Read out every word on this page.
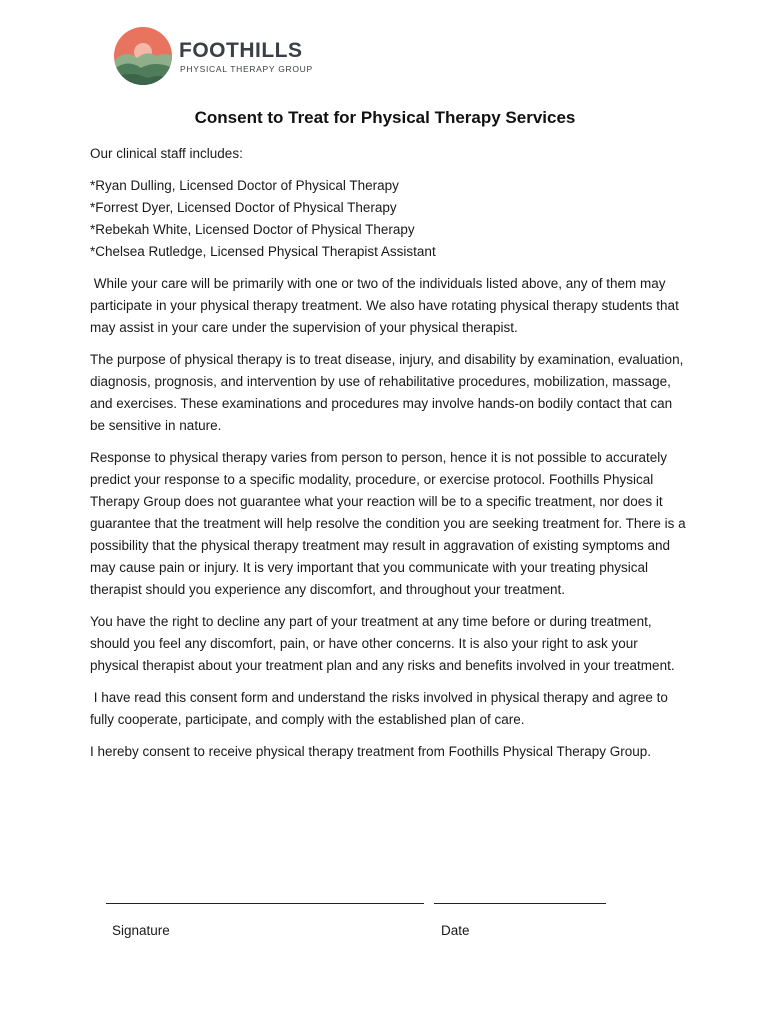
FOOTHILLS
PHYSICAL THERAPY GROUP
Consent to Treat for Physical Therapy Services

Our clinical staff includes:

*Ryan Dulling, Licensed Doctor of Physical Therapy
*Forrest Dyer, Licensed Doctor of Physical Therapy
*Rebekah White, Licensed Doctor of Physical Therapy
*Chelsea Rutledge, Licensed Physical Therapist Assistant

While your care will be primarily with one or two of the individuals listed above, any of them may participate in your physical therapy treatment. We also have rotating physical therapy students that may assist in your care under the supervision of your physical therapist.

The purpose of physical therapy is to treat disease, injury, and disability by examination, evaluation, diagnosis, prognosis, and intervention by use of rehabilitative procedures, mobilization, massage, and exercises. These examinations and procedures may involve hands-on bodily contact that can be sensitive in nature.

Response to physical therapy varies from person to person, hence it is not possible to accurately predict your response to a specific modality, procedure, or exercise protocol. Foothills Physical Therapy Group does not guarantee what your reaction will be to a specific treatment, nor does it guarantee that the treatment will help resolve the condition you are seeking treatment for. There is a possibility that the physical therapy treatment may result in aggravation of existing symptoms and may cause pain or injury. It is very important that you communicate with your treating physical therapist should you experience any discomfort, and throughout your treatment.

You have the right to decline any part of your treatment at any time before or during treatment, should you feel any discomfort, pain, or have other concerns. It is also your right to ask your physical therapist about your treatment plan and any risks and benefits involved in your treatment.

I have read this consent form and understand the risks involved in physical therapy and agree to fully cooperate, participate, and comply with the established plan of care.

I hereby consent to receive physical therapy treatment from Foothills Physical Therapy Group.

Signature	Date
